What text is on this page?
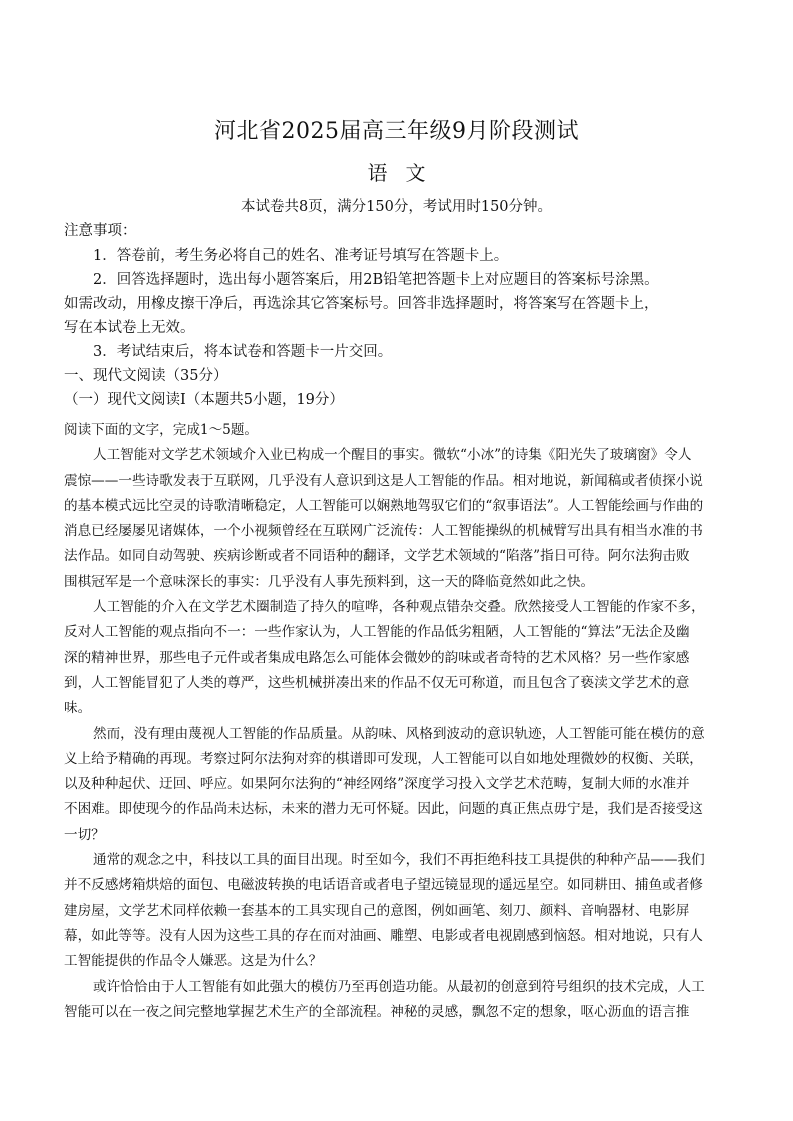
河北省2025届高三年级9月阶段测试
语文
本试卷共8页，满分150分，考试用时150分钟。
注意事项：
1．答卷前，考生务必将自己的姓名、准考证号填写在答题卡上。
2．回答选择题时，选出每小题答案后，用2B铅笔把答题卡上对应题目的答案标号涂黑。
如需改动，用橡皮擦干净后，再选涂其它答案标号。回答非选择题时，将答案写在答题卡上，
写在本试卷上无效。
3．考试结束后，将本试卷和答题卡一片交回。
一、现代文阅读（35分）
（一）现代文阅读Ⅰ（本题共5小题，19分）
阅读下面的文字，完成1～5题。
人工智能对文学艺术领域介入业已构成一个醒目的事实。微软“小冰”的诗集《阳光失了玻璃窗》令人
震惊——一些诗歌发表于互联网，几乎没有人意识到这是人工智能的作品。相对地说，新闻稿或者侦探小说
的基本模式远比空灵的诗歌清晰稳定，人工智能可以娴熟地驾驭它们的“叙事语法”。人工智能绘画与作曲的
消息已经屡屡见诸媒体，一个小视频曾经在互联网广泛流传：人工智能操纵的机械臂写出具有相当水准的书
法作品。如同自动驾驶、疾病诊断或者不同语种的翻译，文学艺术领域的“陷落”指日可待。阿尔法狗击败
围棋冠军是一个意味深长的事实：几乎没有人事先预料到，这一天的降临竟然如此之快。
人工智能的介入在文学艺术圈制造了持久的喧哗，各种观点错杂交叠。欣然接受人工智能的作家不多，
反对人工智能的观点指向不一：一些作家认为，人工智能的作品低劣粗陋，人工智能的“算法”无法企及幽
深的精神世界，那些电子元件或者集成电路怎么可能体会微妙的韵味或者奇特的艺术风格？另一些作家感
到，人工智能冒犯了人类的尊严，这些机械拼凑出来的作品不仅无可称道，而且包含了亵渎文学艺术的意
味。
然而，没有理由蔑视人工智能的作品质量。从韵味、风格到波动的意识轨迹，人工智能可能在模仿的意
义上给予精确的再现。考察过阿尔法狗对弈的棋谱即可发现，人工智能可以自如地处理微妙的权衡、关联，
以及种种起伏、迂回、呼应。如果阿尔法狗的“神经网络”深度学习投入文学艺术范畴，复制大师的水准并
不困难。即使现今的作品尚未达标，未来的潜力无可怀疑。因此，问题的真正焦点毋宁是，我们是否接受这
一切？
通常的观念之中，科技以工具的面目出现。时至如今，我们不再拒绝科技工具提供的种种产品——我们
并不反感烤箱烘焙的面包、电磁波转换的电话语音或者电子望远镜显现的遥远星空。如同耕田、捕鱼或者修
建房屋，文学艺术同样依赖一套基本的工具实现自己的意图，例如画笔、刻刀、颜料、音响器材、电影屏
幕，如此等等。没有人因为这些工具的存在而对油画、雕塑、电影或者电视剧感到恼怒。相对地说，只有人
工智能提供的作品令人嫌恶。这是为什么？
或许恰恰由于人工智能有如此强大的模仿乃至再创造功能。从最初的创意到符号组织的技术完成，人工
智能可以在一夜之间完整地掌握艺术生产的全部流程。神秘的灵感，飘忽不定的想象，呕心沥血的语言推
